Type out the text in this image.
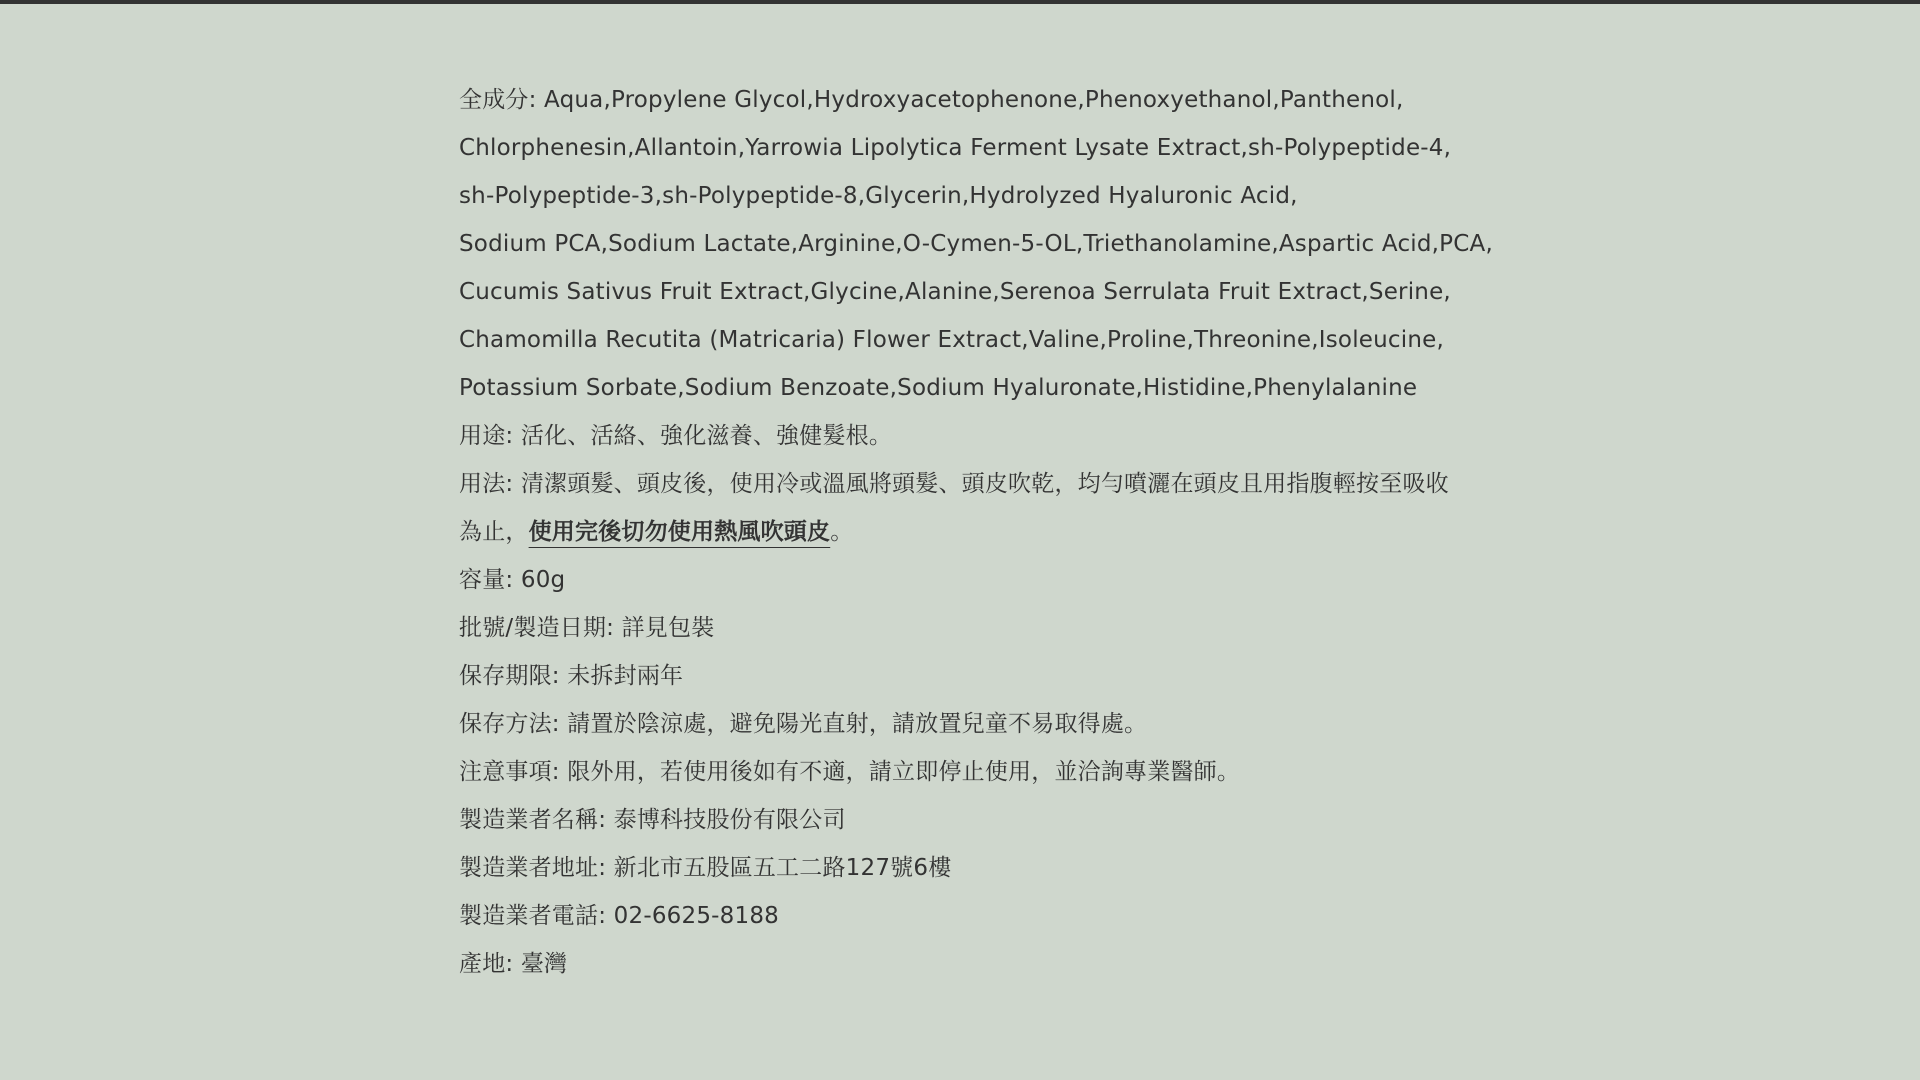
全成分: Aqua,Propylene Glycol,Hydroxyacetophenone,Phenoxyethanol,Panthenol,
Chlorphenesin,Allantoin,Yarrowia Lipolytica Ferment Lysate Extract,sh-Polypeptide-4,
sh-Polypeptide-3,sh-Polypeptide-8,Glycerin,Hydrolyzed Hyaluronic Acid,
Sodium PCA,Sodium Lactate,Arginine,O-Cymen-5-OL,Triethanolamine,Aspartic Acid,PCA,
Cucumis Sativus Fruit Extract,Glycine,Alanine,Serenoa Serrulata Fruit Extract,Serine,
Chamomilla Recutita (Matricaria) Flower Extract,Valine,Proline,Threonine,Isoleucine,
Potassium Sorbate,Sodium Benzoate,Sodium Hyaluronate,Histidine,Phenylalanine
用途: 活化、活絡、強化滋養、強健髮根。
用法: 清潔頭髮、頭皮後，使用冷或溫風將頭髮、頭皮吹乾，均勻噴灑在頭皮且用指腹輕按至吸收
為止，使用完後切勿使用熱風吹頭皮。
容量: 60g
批號/製造日期: 詳見包裝
保存期限: 未拆封兩年
保存方法: 請置於陰涼處，避免陽光直射，請放置兒童不易取得處。
注意事項: 限外用，若使用後如有不適，請立即停止使用，並洽詢專業醫師。
製造業者名稱: 泰博科技股份有限公司
製造業者地址: 新北市五股區五工二路127號6樓
製造業者電話: 02-6625-8188
產地: 臺灣
